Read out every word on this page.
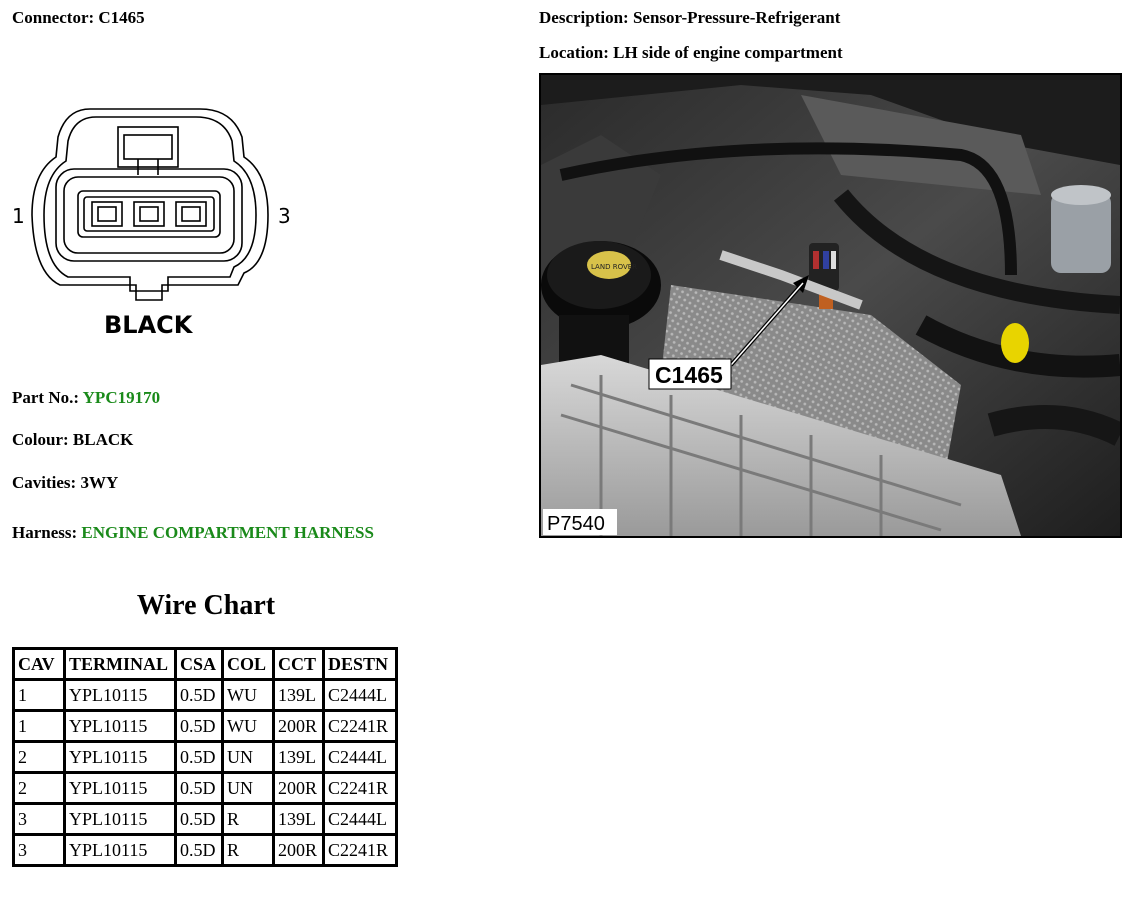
Connector: C1465	Description: Sensor-Pressure-Refrigerant
Location: LH side of engine compartment
1	3
BLACK
Part No.: YPC19170
Colour: BLACK
Cavities: 3WY
Harness: ENGINE COMPARTMENT HARNESS
LAND ROVER
C1465
P7540
Wire Chart
CAV	TERMINAL	CSA	COL	CCT	DESTN
1	YPL10115	0.5D	WU	139L	C2444L
1	YPL10115	0.5D	WU	200R	C2241R
2	YPL10115	0.5D	UN	139L	C2444L
2	YPL10115	0.5D	UN	200R	C2241R
3	YPL10115	0.5D	R	139L	C2444L
3	YPL10115	0.5D	R	200R	C2241R
